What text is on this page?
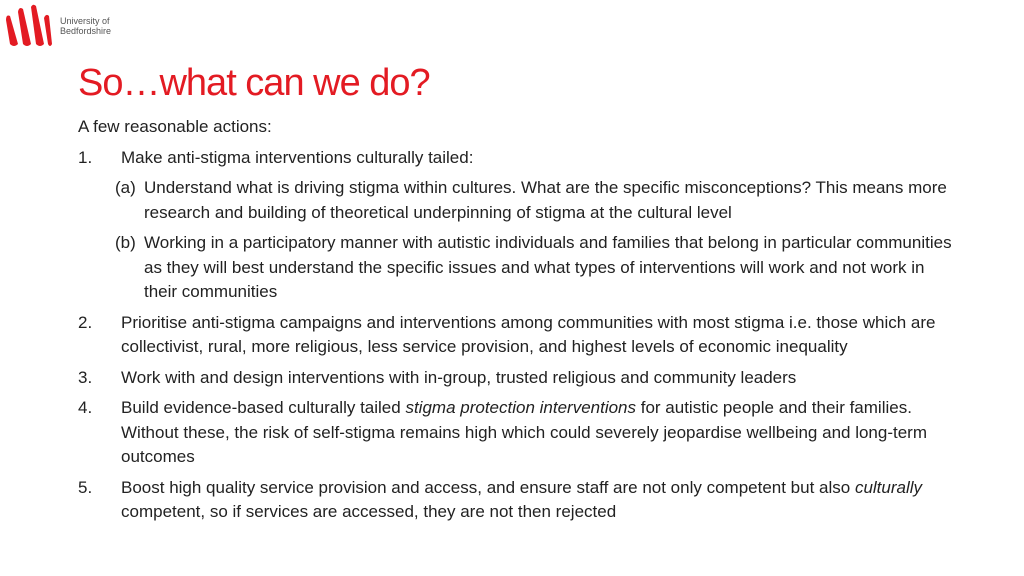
University of
Bedfordshire
So…what can we do?

A few reasonable actions:

1.	Make anti-stigma interventions culturally tailed:
(a) Understand what is driving stigma within cultures. What are the specific misconceptions? This means more research and building of theoretical underpinning of stigma at the cultural level
(b) Working in a participatory manner with autistic individuals and families that belong in particular communities as they will best understand the specific issues and what types of interventions will work and not work in their communities
2.	Prioritise anti-stigma campaigns and interventions among communities with most stigma i.e. those which are collectivist, rural, more religious, less service provision, and highest levels of economic inequality
3.	Work with and design interventions with in-group, trusted religious and community leaders
4.	Build evidence-based culturally tailed stigma protection interventions for autistic people and their families. Without these, the risk of self-stigma remains high which could severely jeopardise wellbeing and long-term outcomes
5.	Boost high quality service provision and access, and ensure staff are not only competent but also culturally competent, so if services are accessed, they are not then rejected
